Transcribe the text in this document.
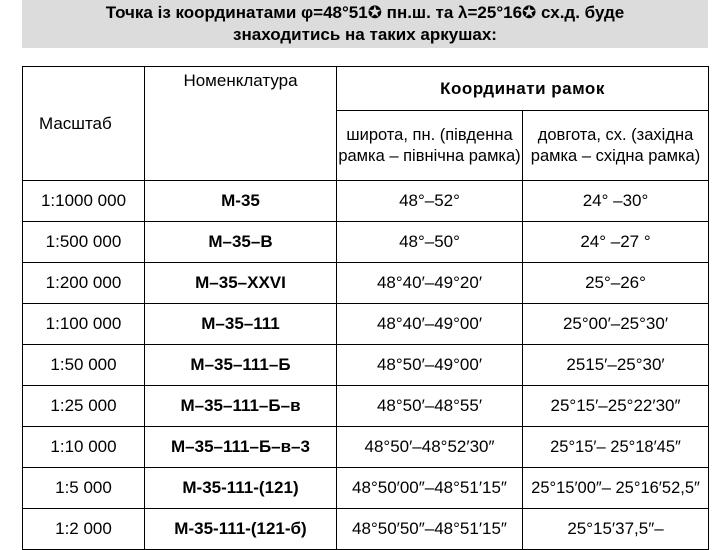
Точка із координатами φ=48°51✪ пн.ш. та λ=25°16✪ сх.д. буде
знаходитись на таких аркушах:
Масштаб	Номенклатура	Координати рамок	
		широта, пн. (південна рамка – північна рамка)	довгота, сх. (західна рамка – східна рамка)
1:1000 000	М-35	48°–52°	24° –30°
1:500 000	М–35–В	48°–50°	24° –27 °
1:200 000	М–35–XXVI	48°40′–49°20′	25°–26°
1:100 000	М–35–111	48°40′–49°00′	25°00′–25°30′
1:50 000	М–35–111–Б	48°50′–49°00′	2515′–25°30′
1:25 000	М–35–111–Б–в	48°50′–48°55′	25°15′–25°22′30″
1:10 000	М–35–111–Б–в–3	48°50′–48°52′30″	25°15′– 25°18′45″
1:5 000	М-35-111-(121)	48°50′00″–48°51′15″	25°15′00″– 25°16′52,5″
1:2 000	М-35-111-(121-б)	48°50′50″–48°51′15″	25°15′37,5″–
